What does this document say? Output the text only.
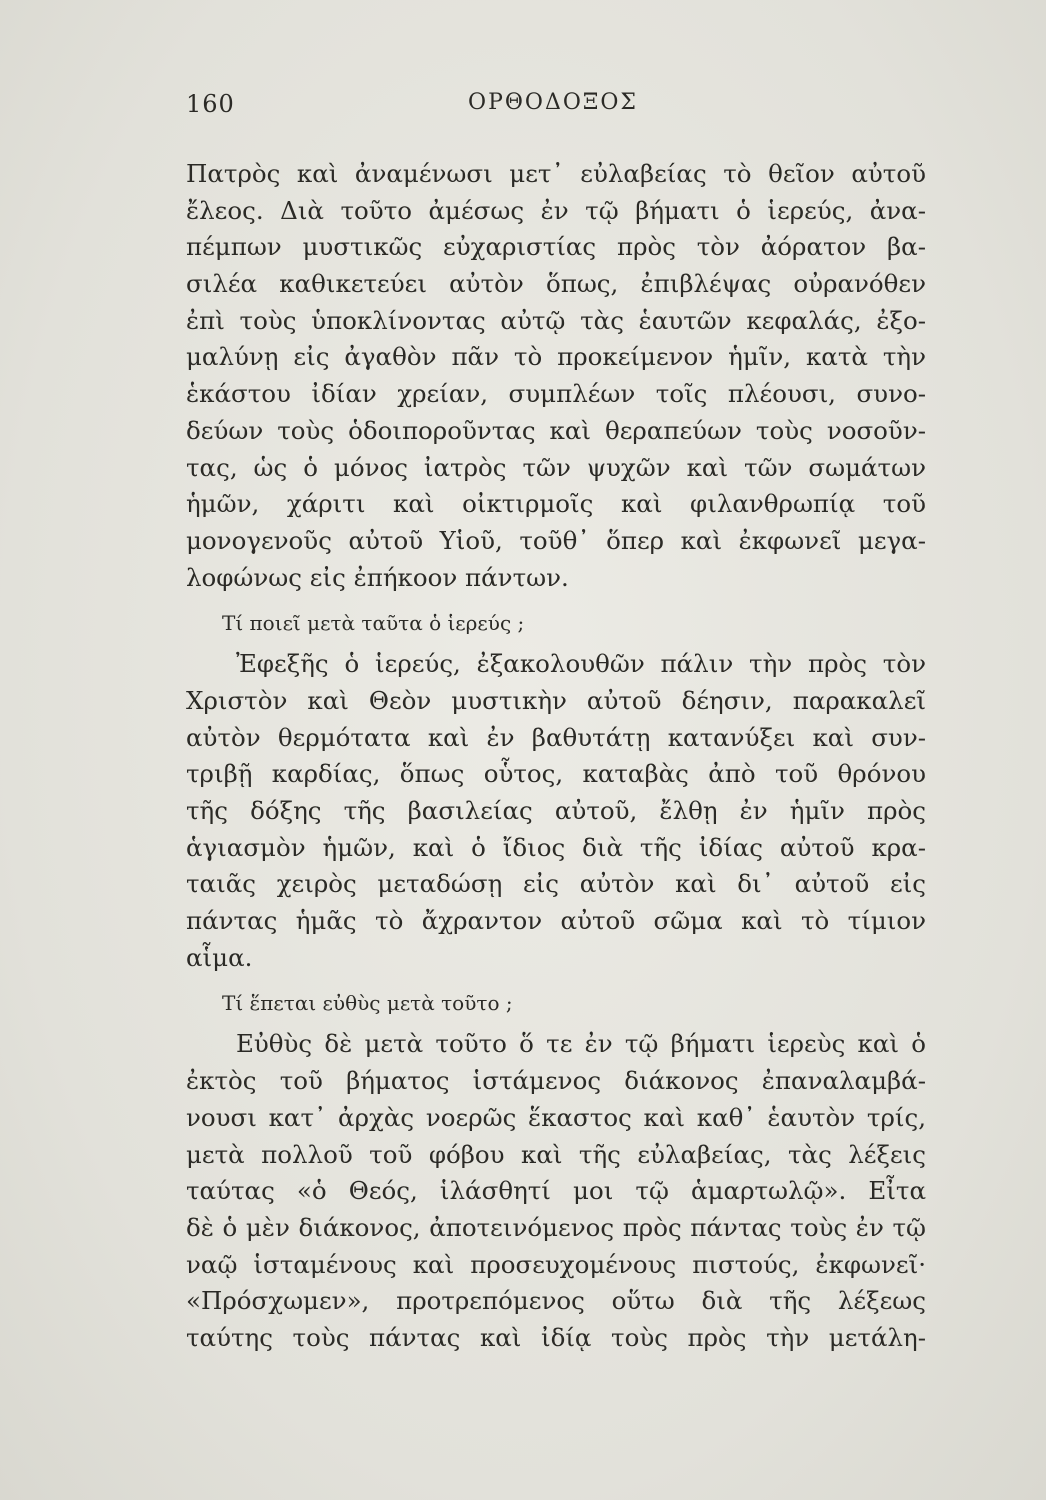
160	ΟΡΘΟΔΟΞΟΣ
Πατρὸς καὶ ἀναμένωσι μετ᾽ εὐλαβείας τὸ θεῖον αὐτοῦ
ἔλεος. Διὰ τοῦτο ἀμέσως ἐν τῷ βήματι ὁ ἱερεύς, ἀνα-
πέμπων μυστικῶς εὐχαριστίας πρὸς τὸν ἀόρατον βα-
σιλέα καθικετεύει αὐτὸν ὅπως, ἐπιβλέψας οὐρανόθεν
ἐπὶ τοὺς ὑποκλίνοντας αὐτῷ τὰς ἑαυτῶν κεφαλάς, ἐξο-
μαλύνῃ εἰς ἀγαθὸν πᾶν τὸ προκείμενον ἡμῖν, κατὰ τὴν
ἑκάστου ἰδίαν χρείαν, συμπλέων τοῖς πλέουσι, συνο-
δεύων τοὺς ὁδοιποροῦντας καὶ θεραπεύων τοὺς νοσοῦν-
τας, ὡς ὁ μόνος ἰατρὸς τῶν ψυχῶν καὶ τῶν σωμάτων
ἡμῶν, χάριτι καὶ οἰκτιρμοῖς καὶ φιλανθρωπίᾳ τοῦ
μονογενοῦς αὐτοῦ Υἱοῦ, τοῦθ᾽ ὅπερ καὶ ἐκφωνεῖ μεγα-
λοφώνως εἰς ἐπήκοον πάντων.
Τί ποιεῖ μετὰ ταῦτα ὁ ἱερεύς ;
Ἐφεξῆς ὁ ἱερεύς, ἐξακολουθῶν πάλιν τὴν πρὸς τὸν
Χριστὸν καὶ Θεὸν μυστικὴν αὐτοῦ δέησιν, παρακαλεῖ
αὐτὸν θερμότατα καὶ ἐν βαθυτάτῃ κατανύξει καὶ συν-
τριβῇ καρδίας, ὅπως οὗτος, καταβὰς ἀπὸ τοῦ θρόνου
τῆς δόξης τῆς βασιλείας αὐτοῦ, ἔλθῃ ἐν ἡμῖν πρὸς
ἁγιασμὸν ἡμῶν, καὶ ὁ ἴδιος διὰ τῆς ἰδίας αὐτοῦ κρα-
ταιᾶς χειρὸς μεταδώσῃ εἰς αὐτὸν καὶ δι᾽ αὐτοῦ εἰς
πάντας ἡμᾶς τὸ ἄχραντον αὐτοῦ σῶμα καὶ τὸ τίμιον
αἷμα.
Τί ἕπεται εὐθὺς μετὰ τοῦτο ;
Εὐθὺς δὲ μετὰ τοῦτο ὅ τε ἐν τῷ βήματι ἱερεὺς καὶ ὁ
ἐκτὸς τοῦ βήματος ἱστάμενος διάκονος ἐπαναλαμβά-
νουσι κατ᾽ ἀρχὰς νοερῶς ἕκαστος καὶ καθ᾽ ἑαυτὸν τρίς,
μετὰ πολλοῦ τοῦ φόβου καὶ τῆς εὐλαβείας, τὰς λέξεις
ταύτας «ὁ Θεός, ἱλάσθητί μοι τῷ ἁμαρτωλῷ». Εἶτα
δὲ ὁ μὲν διάκονος, ἀποτεινόμενος πρὸς πάντας τοὺς ἐν τῷ
ναῷ ἱσταμένους καὶ προσευχομένους πιστούς, ἐκφωνεῖ·
«Πρόσχωμεν», προτρεπόμενος οὕτω διὰ τῆς λέξεως
ταύτης τοὺς πάντας καὶ ἰδίᾳ τοὺς πρὸς τὴν μετάλη-
